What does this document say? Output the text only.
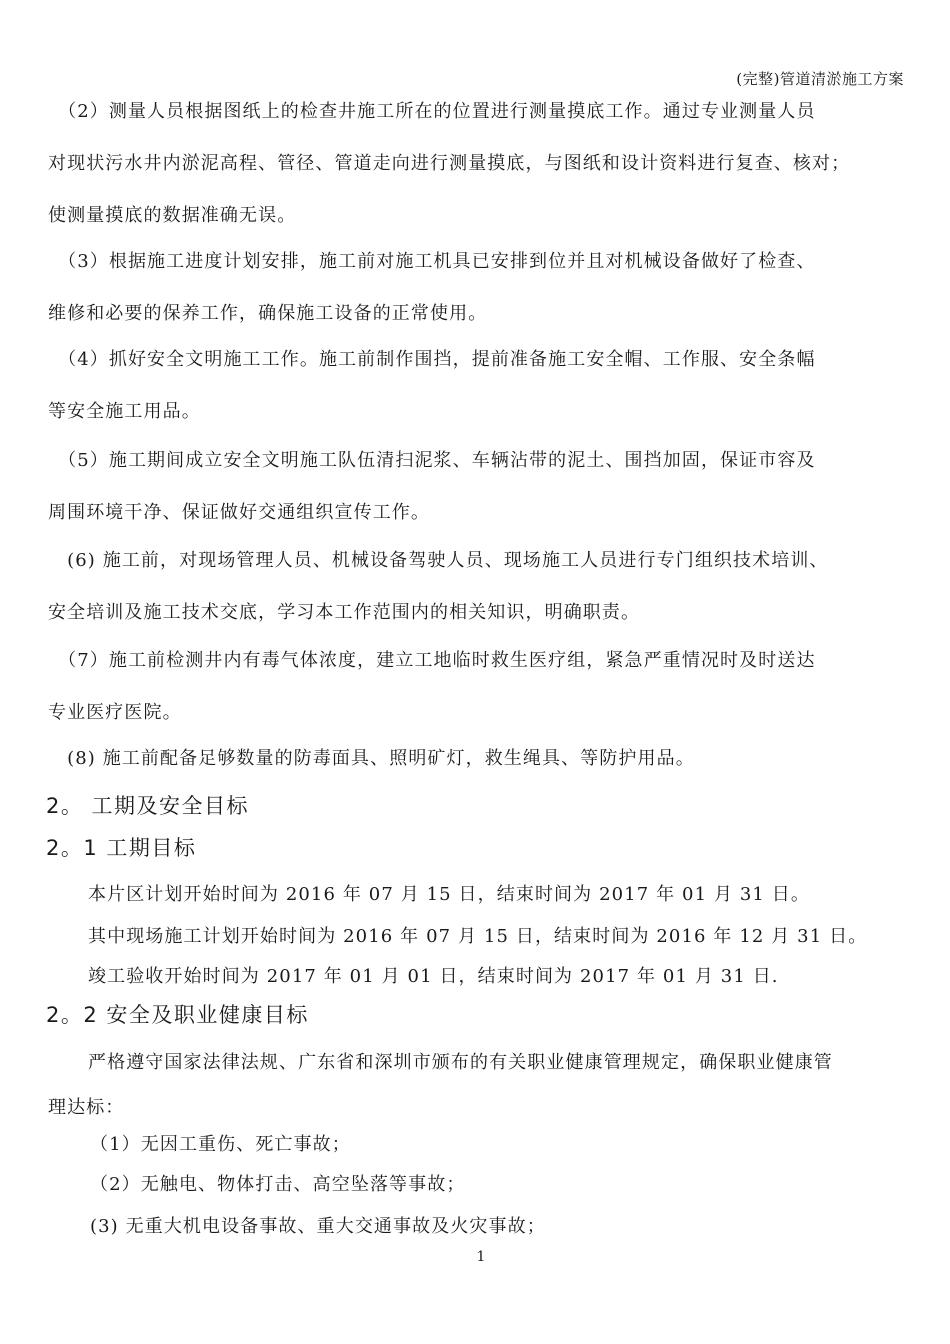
(完整)管道清淤施工方案
　（2）测量人员根据图纸上的检查井施工所在的位置进行测量摸底工作。通过专业测量人员
对现状污水井内淤泥高程、管径、管道走向进行测量摸底，与图纸和设计资料进行复查、核对；
使测量摸底的数据准确无误。
　（3）根据施工进度计划安排，施工前对施工机具已安排到位并且对机械设备做好了检查、
维修和必要的保养工作，确保施工设备的正常使用。
　（4）抓好安全文明施工工作。施工前制作围挡，提前准备施工安全帽、工作服、安全条幅
等安全施工用品。
　（5）施工期间成立安全文明施工队伍清扫泥浆、车辆沾带的泥土、围挡加固，保证市容及
周围环境干净、保证做好交通组织宣传工作。
　(6) 施工前，对现场管理人员、机械设备驾驶人员、现场施工人员进行专门组织技术培训、
安全培训及施工技术交底，学习本工作范围内的相关知识，明确职责。
　（7）施工前检测井内有毒气体浓度，建立工地临时救生医疗组，紧急严重情况时及时送达
专业医疗医院。
　(8) 施工前配备足够数量的防毒面具、照明矿灯，救生绳具、等防护用品。
2。 工期及安全目标
2。1 工期目标
本片区计划开始时间为 2016 年 07 月 15 日，结束时间为 2017 年 01 月 31 日。
其中现场施工计划开始时间为 2016 年 07 月 15 日，结束时间为 2016 年 12 月 31 日。
竣工验收开始时间为 2017 年 01 月 01 日，结束时间为 2017 年 01 月 31 日.
2。2 安全及职业健康目标
严格遵守国家法律法规、广东省和深圳市颁布的有关职业健康管理规定，确保职业健康管
理达标：
（1）无因工重伤、死亡事故；
（2）无触电、物体打击、高空坠落等事故；
(3) 无重大机电设备事故、重大交通事故及火灾事故；
1
